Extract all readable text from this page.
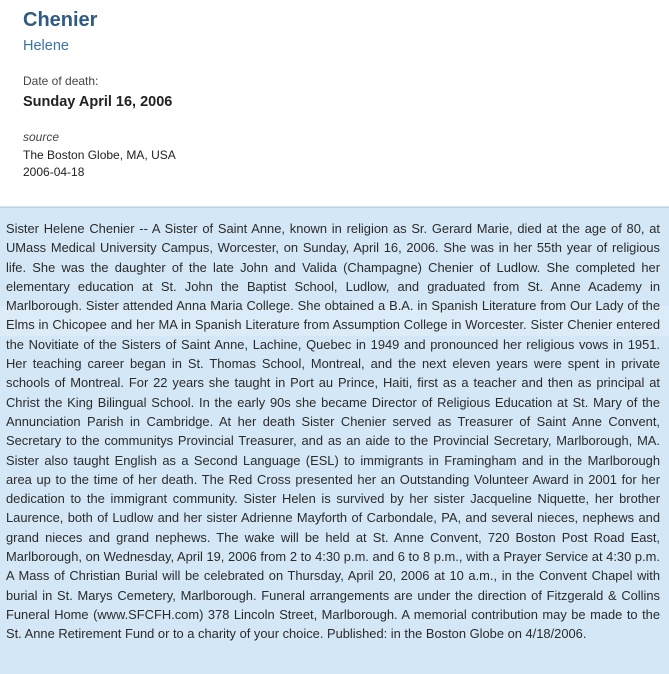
Chenier
Helene
Date of death:
Sunday April 16, 2006
source
The Boston Globe, MA, USA
2006-04-18

Sister Helene Chenier -- A Sister of Saint Anne, known in religion as Sr. Gerard Marie, died at the age of 80, at UMass Medical University Campus, Worcester, on Sunday, April 16, 2006. She was in her 55th year of religious life. She was the daughter of the late John and Valida (Champagne) Chenier of Ludlow. She completed her elementary education at St. John the Baptist School, Ludlow, and graduated from St. Anne Academy in Marlborough. Sister attended Anna Maria College. She obtained a B.A. in Spanish Literature from Our Lady of the Elms in Chicopee and her MA in Spanish Literature from Assumption College in Worcester. Sister Chenier entered the Novitiate of the Sisters of Saint Anne, Lachine, Quebec in 1949 and pronounced her religious vows in 1951. Her teaching career began in St. Thomas School, Montreal, and the next eleven years were spent in private schools of Montreal. For 22 years she taught in Port au Prince, Haiti, first as a teacher and then as principal at Christ the King Bilingual School. In the early 90s she became Director of Religious Education at St. Mary of the Annunciation Parish in Cambridge. At her death Sister Chenier served as Treasurer of Saint Anne Convent, Secretary to the communitys Provincial Treasurer, and as an aide to the Provincial Secretary, Marlborough, MA. Sister also taught English as a Second Language (ESL) to immigrants in Framingham and in the Marlborough area up to the time of her death. The Red Cross presented her an Outstanding Volunteer Award in 2001 for her dedication to the immigrant community. Sister Helen is survived by her sister Jacqueline Niquette, her brother Laurence, both of Ludlow and her sister Adrienne Mayforth of Carbondale, PA, and several nieces, nephews and grand nieces and grand nephews. The wake will be held at St. Anne Convent, 720 Boston Post Road East, Marlborough, on Wednesday, April 19, 2006 from 2 to 4:30 p.m. and 6 to 8 p.m., with a Prayer Service at 4:30 p.m. A Mass of Christian Burial will be celebrated on Thursday, April 20, 2006 at 10 a.m., in the Convent Chapel with burial in St. Marys Cemetery, Marlborough. Funeral arrangements are under the direction of Fitzgerald & Collins Funeral Home (www.SFCFH.com) 378 Lincoln Street, Marlborough. A memorial contribution may be made to the St. Anne Retirement Fund or to a charity of your choice. Published: in the Boston Globe on 4/18/2006.
